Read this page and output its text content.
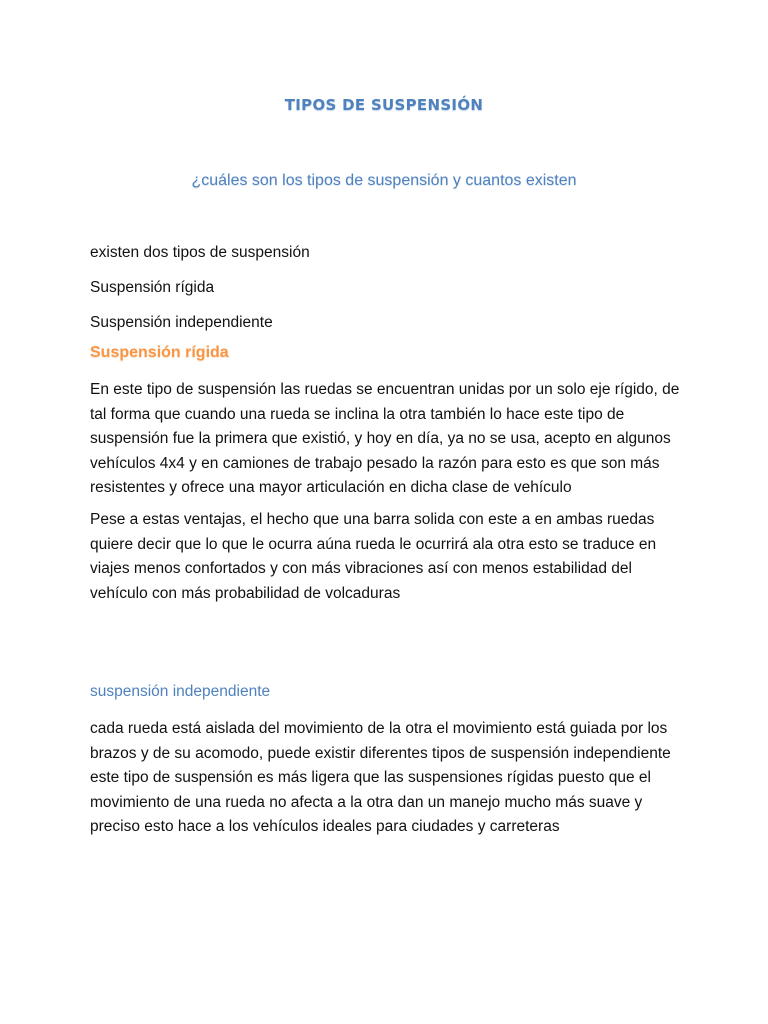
TIPOS DE SUSPENSIÓN
¿cuáles son los tipos de suspensión y cuantos existen
existen dos tipos de suspensión
Suspensión rígida
Suspensión independiente
Suspensión rígida
En este tipo de suspensión las ruedas se encuentran unidas por un solo eje rígido, de tal forma que cuando una rueda se inclina la otra también lo hace este tipo de suspensión fue la primera que existió, y hoy en día, ya no se usa, acepto en algunos vehículos 4x4 y en camiones de trabajo pesado la razón para esto es que son más resistentes y ofrece una mayor articulación en dicha clase de vehículo
Pese a estas ventajas, el hecho que una barra solida con este a en ambas ruedas quiere decir que lo que le ocurra aúna rueda le ocurrirá ala otra esto se traduce en viajes menos confortados y con más vibraciones así con menos estabilidad del vehículo con más probabilidad de volcaduras
suspensión independiente
cada rueda está aislada del movimiento de la otra el movimiento está guiada por los brazos y de su acomodo, puede existir diferentes tipos de suspensión independiente este tipo de suspensión es más ligera que las suspensiones rígidas puesto que el movimiento de una rueda no afecta a la otra dan un manejo mucho más suave y preciso esto hace a los vehículos ideales para ciudades y carreteras
